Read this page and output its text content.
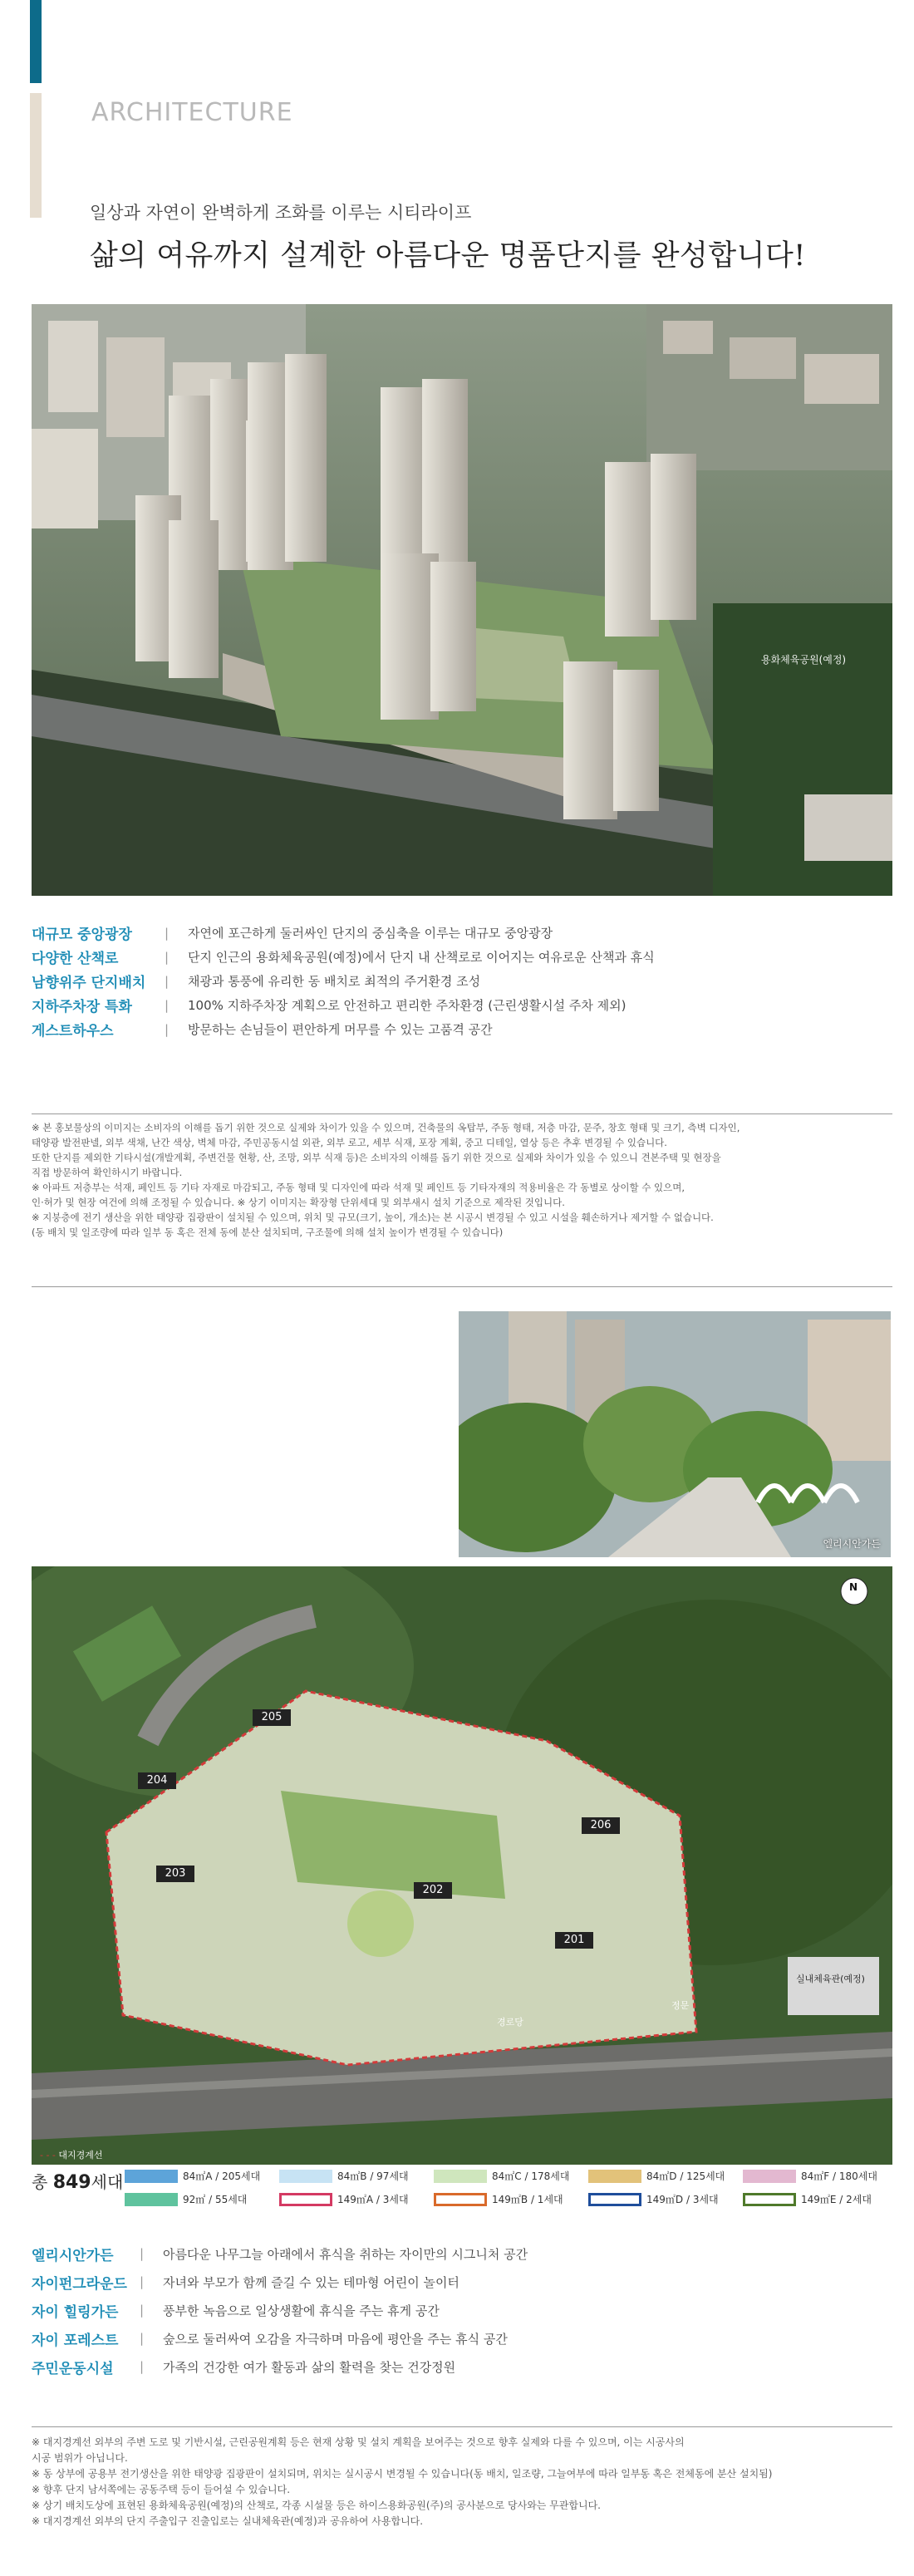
ARCHITECTURE
일상과 자연이 완벽하게 조화를 이루는 시티라이프
삶의 여유까지 설계한 아름다운 명품단지를 완성합니다!
용화체육공원(예정)
대규모 중앙광장	|	자연에 포근하게 둘러싸인 단지의 중심축을 이루는 대규모 중앙광장
다양한 산책로	|	단지 인근의 용화체육공원(예정)에서 단지 내 산책로로 이어지는 여유로운 산책과 휴식
남향위주 단지배치	|	채광과 통풍에 유리한 동 배치로 최적의 주거환경 조성
지하주차장 특화	|	100% 지하주차장 계획으로 안전하고 편리한 주차환경 (근린생활시설 주차 제외)
게스트하우스	|	방문하는 손님들이 편안하게 머무를 수 있는 고품격 공간

※ 본 홍보물상의 이미지는 소비자의 이해를 돕기 위한 것으로 실제와 차이가 있을 수 있으며, 건축물의 옥탑부, 주동 형태, 저층 마감, 문주, 창호 형태 및 크기, 측벽 디자인,

태양광 발전판넬, 외부 색채, 난간 색상, 벽체 마감, 주민공동시설 외관, 외부 로고, 세부 식재, 포장 계획, 중고 디테일, 열상 등은 추후 변경될 수 있습니다.

또한 단지를 제외한 기타시설(개발계획, 주변건물 현황, 산, 조망, 외부 식재 등)은 소비자의 이해를 돕기 위한 것으로 실제와 차이가 있을 수 있으니 견본주택 및 현장을

직접 방문하여 확인하시기 바랍니다.

※ 아파트 저층부는 석재, 페인트 등 기타 자재로 마감되고, 주동 형태 및 디자인에 따라 석재 및 페인트 등 기타자재의 적용비율은 각 동별로 상이할 수 있으며,

인·허가 및 현장 여건에 의해 조정될 수 있습니다. ※ 상기 이미지는 확장형 단위세대 및 외부새시 설치 기준으로 제작된 것입니다.

※ 지붕층에 전기 생산을 위한 태양광 집광판이 설치될 수 있으며, 위치 및 규모(크기, 높이, 개소)는 본 시공시 변경될 수 있고 시설을 훼손하거나 제거할 수 없습니다.

(동 배치 및 일조량에 따라 일부 동 혹은 전체 동에 분산 설치되며, 구조물에 의해 설치 높이가 변경될 수 있습니다)

엘리시안가든
N
205
204
206
203
202
201
실내체육관(예정)
정문
경로당
- - - 대지경계선
총 849세대	84㎡A / 205세대	84㎡B / 97세대	84㎡C / 178세대	84㎡D / 125세대	84㎡F / 180세대
92㎡ / 55세대	149㎡A / 3세대	149㎡B / 1세대	149㎡D / 3세대	149㎡E / 2세대
엘리시안가든	|	아름다운 나무그늘 아래에서 휴식을 취하는 자이만의 시그니처 공간
자이펀그라운드	|	자녀와 부모가 함께 즐길 수 있는 테마형 어린이 놀이터
자이 힐링가든	|	풍부한 녹음으로 일상생활에 휴식을 주는 휴게 공간
자이 포레스트	|	숲으로 둘러싸여 오감을 자극하며 마음에 평안을 주는 휴식 공간
주민운동시설	|	가족의 건강한 여가 활동과 삶의 활력을 찾는 건강정원

※ 대지경계선 외부의 주변 도로 및 기반시설, 근린공원계획 등은 현재 상황 및 설치 계획을 보여주는 것으로 향후 실제와 다를 수 있으며, 이는 시공사의

시공 범위가 아닙니다.

※ 동 상부에 공용부 전기생산을 위한 태양광 집광판이 설치되며, 위치는 실시공시 변경될 수 있습니다(동 배치, 일조량, 그늘여부에 따라 일부동 혹은 전체동에 분산 설치됨)

※ 향후 단지 남서쪽에는 공동주택 등이 들어설 수 있습니다.

※ 상기 배치도상에 표현된 용화체육공원(예정)의 산책로, 각종 시설물 등은 하이스용화공원(주)의 공사분으로 당사와는 무관합니다.

※ 대지경계선 외부의 단지 주출입구 진출입로는 실내체육관(예정)과 공유하여 사용합니다.
